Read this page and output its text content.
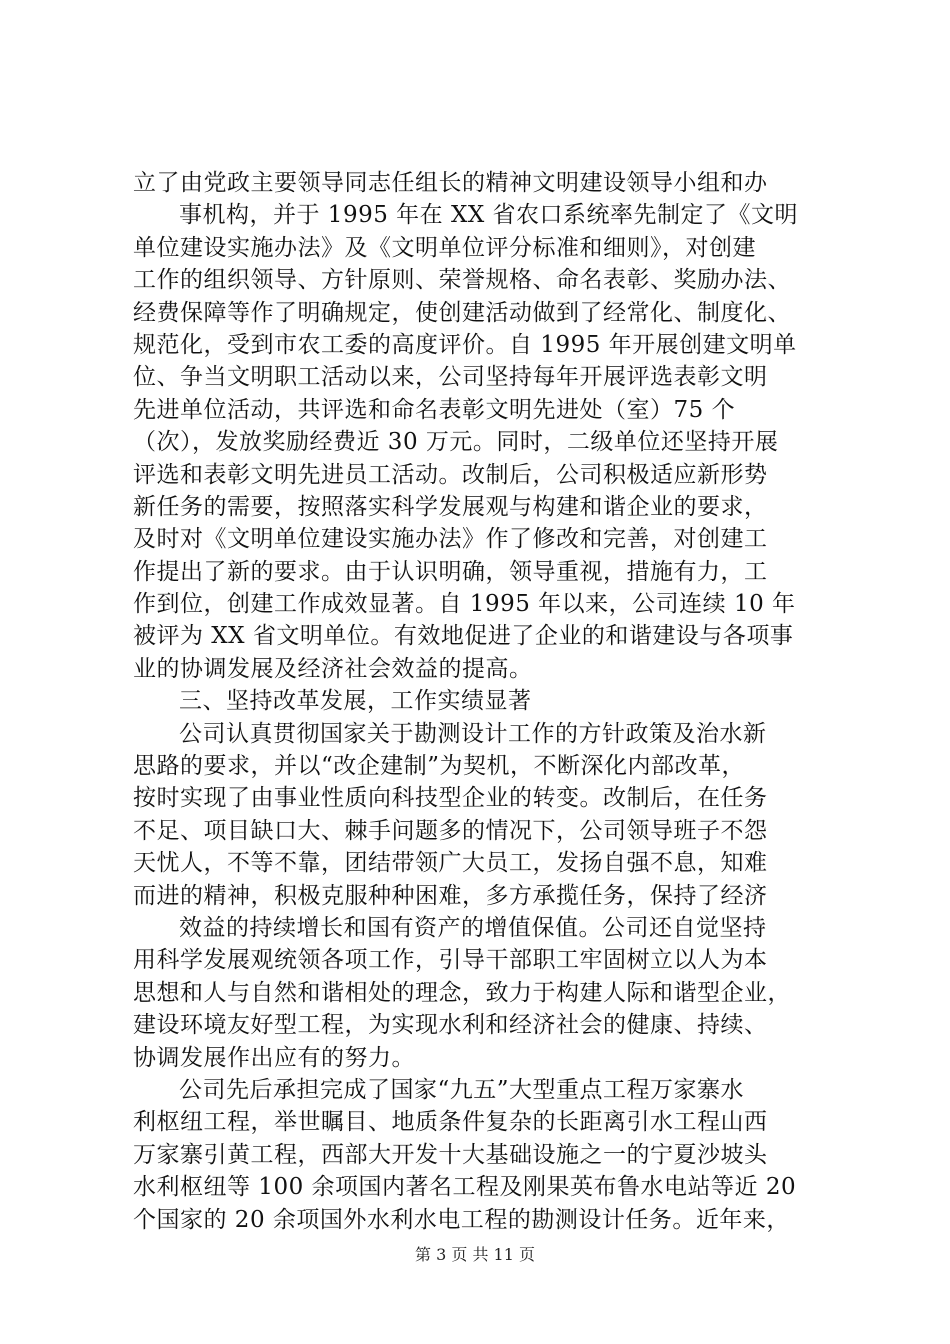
立了由党政主要领导同志任组长的精神文明建设领导小组和办
事机构，并于 1995 年在 XX 省农口系统率先制定了《文明
单位建设实施办法》及《文明单位评分标准和细则》，对创建
工作的组织领导、方针原则、荣誉规格、命名表彰、奖励办法、
经费保障等作了明确规定，使创建活动做到了经常化、制度化、
规范化，受到市农工委的高度评价。自 1995 年开展创建文明单
位、争当文明职工活动以来，公司坚持每年开展评选表彰文明
先进单位活动，共评选和命名表彰文明先进处（室）75 个
（次），发放奖励经费近 30 万元。同时，二级单位还坚持开展
评选和表彰文明先进员工活动。改制后，公司积极适应新形势
新任务的需要，按照落实科学发展观与构建和谐企业的要求，
及时对《文明单位建设实施办法》作了修改和完善，对创建工
作提出了新的要求。由于认识明确，领导重视，措施有力，工
作到位，创建工作成效显著。自 1995 年以来，公司连续 10 年
被评为 XX 省文明单位。有效地促进了企业的和谐建设与各项事
业的协调发展及经济社会效益的提高。
三、坚持改革发展，工作实绩显著
公司认真贯彻国家关于勘测设计工作的方针政策及治水新
思路的要求，并以“改企建制”为契机，不断深化内部改革，
按时实现了由事业性质向科技型企业的转变。改制后，在任务
不足、项目缺口大、棘手问题多的情况下，公司领导班子不怨
天忧人，不等不靠，团结带领广大员工，发扬自强不息，知难
而进的精神，积极克服种种困难，多方承揽任务，保持了经济
效益的持续增长和国有资产的增值保值。公司还自觉坚持
用科学发展观统领各项工作，引导干部职工牢固树立以人为本
思想和人与自然和谐相处的理念，致力于构建人际和谐型企业，
建设环境友好型工程，为实现水利和经济社会的健康、持续、
协调发展作出应有的努力。
公司先后承担完成了国家“九五”大型重点工程万家寨水
利枢纽工程，举世瞩目、地质条件复杂的长距离引水工程山西
万家寨引黄工程，西部大开发十大基础设施之一的宁夏沙坡头
水利枢纽等 100 余项国内著名工程及刚果英布鲁水电站等近 20
个国家的 20 余项国外水利水电工程的勘测设计任务。近年来，
第 3 页 共 11 页
